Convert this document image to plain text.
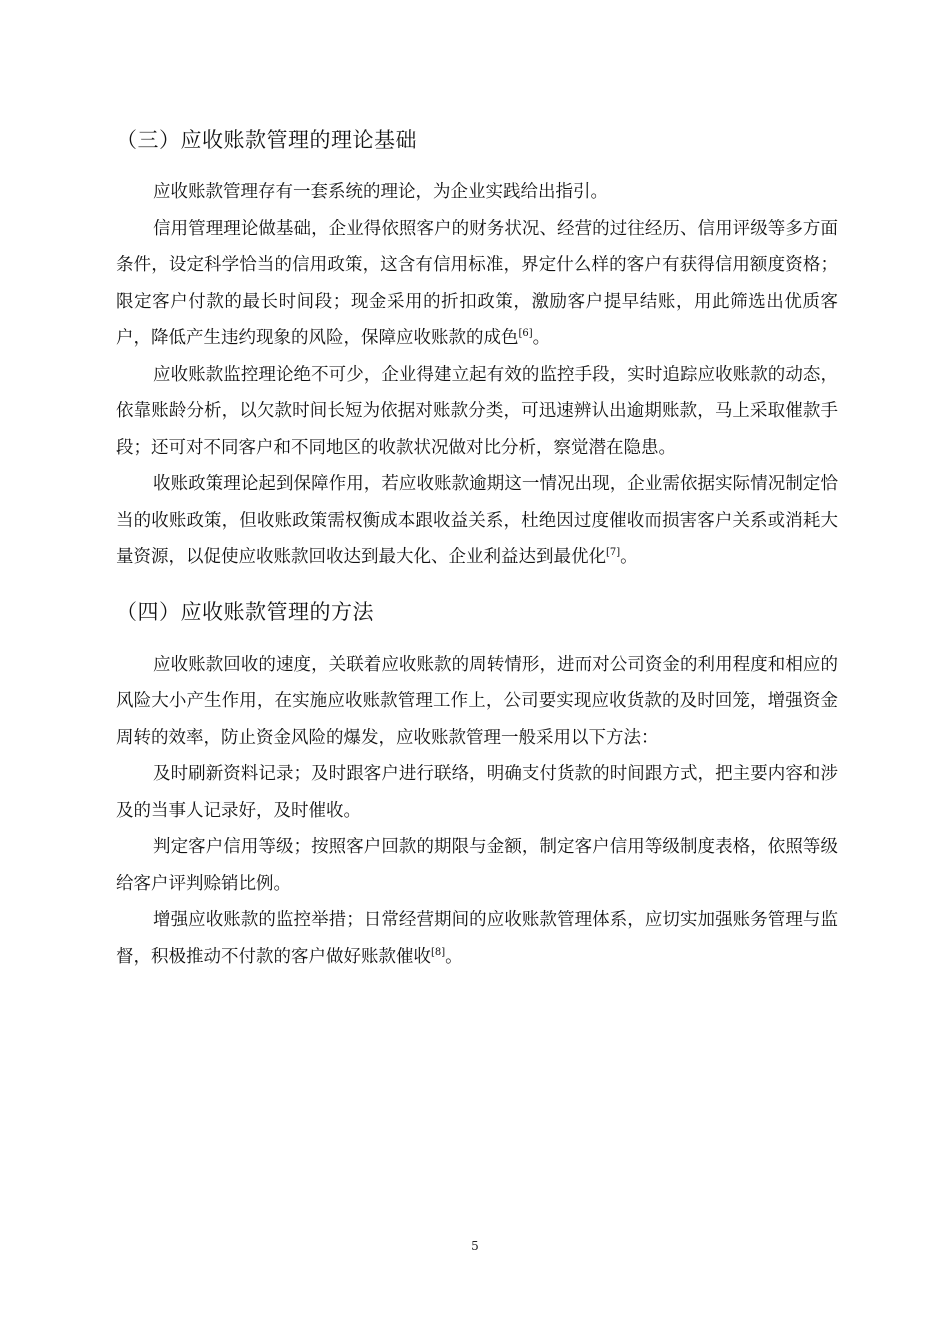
（三）应收账款管理的理论基础

应收账款管理存有一套系统的理论，为企业实践给出指引。

信用管理理论做基础，企业得依照客户的财务状况、经营的过往经历、信用评级等多方面条件，设定科学恰当的信用政策，这含有信用标准，界定什么样的客户有获得信用额度资格；限定客户付款的最长时间段；现金采用的折扣政策，激励客户提早结账，用此筛选出优质客户，降低产生违约现象的风险，保障应收账款的成色[6]。

应收账款监控理论绝不可少，企业得建立起有效的监控手段，实时追踪应收账款的动态，依靠账龄分析，以欠款时间长短为依据对账款分类，可迅速辨认出逾期账款，马上采取催款手段；还可对不同客户和不同地区的收款状况做对比分析，察觉潜在隐患。

收账政策理论起到保障作用，若应收账款逾期这一情况出现，企业需依据实际情况制定恰当的收账政策，但收账政策需权衡成本跟收益关系，杜绝因过度催收而损害客户关系或消耗大量资源，以促使应收账款回收达到最大化、企业利益达到最优化[7]。

（四）应收账款管理的方法

应收账款回收的速度，关联着应收账款的周转情形，进而对公司资金的利用程度和相应的风险大小产生作用，在实施应收账款管理工作上，公司要实现应收货款的及时回笼，增强资金周转的效率，防止资金风险的爆发，应收账款管理一般采用以下方法：

及时刷新资料记录；及时跟客户进行联络，明确支付货款的时间跟方式，把主要内容和涉及的当事人记录好，及时催收。

判定客户信用等级；按照客户回款的期限与金额，制定客户信用等级制度表格，依照等级给客户评判赊销比例。

增强应收账款的监控举措；日常经营期间的应收账款管理体系，应切实加强账务管理与监督，积极推动不付款的客户做好账款催收[8]。

5
